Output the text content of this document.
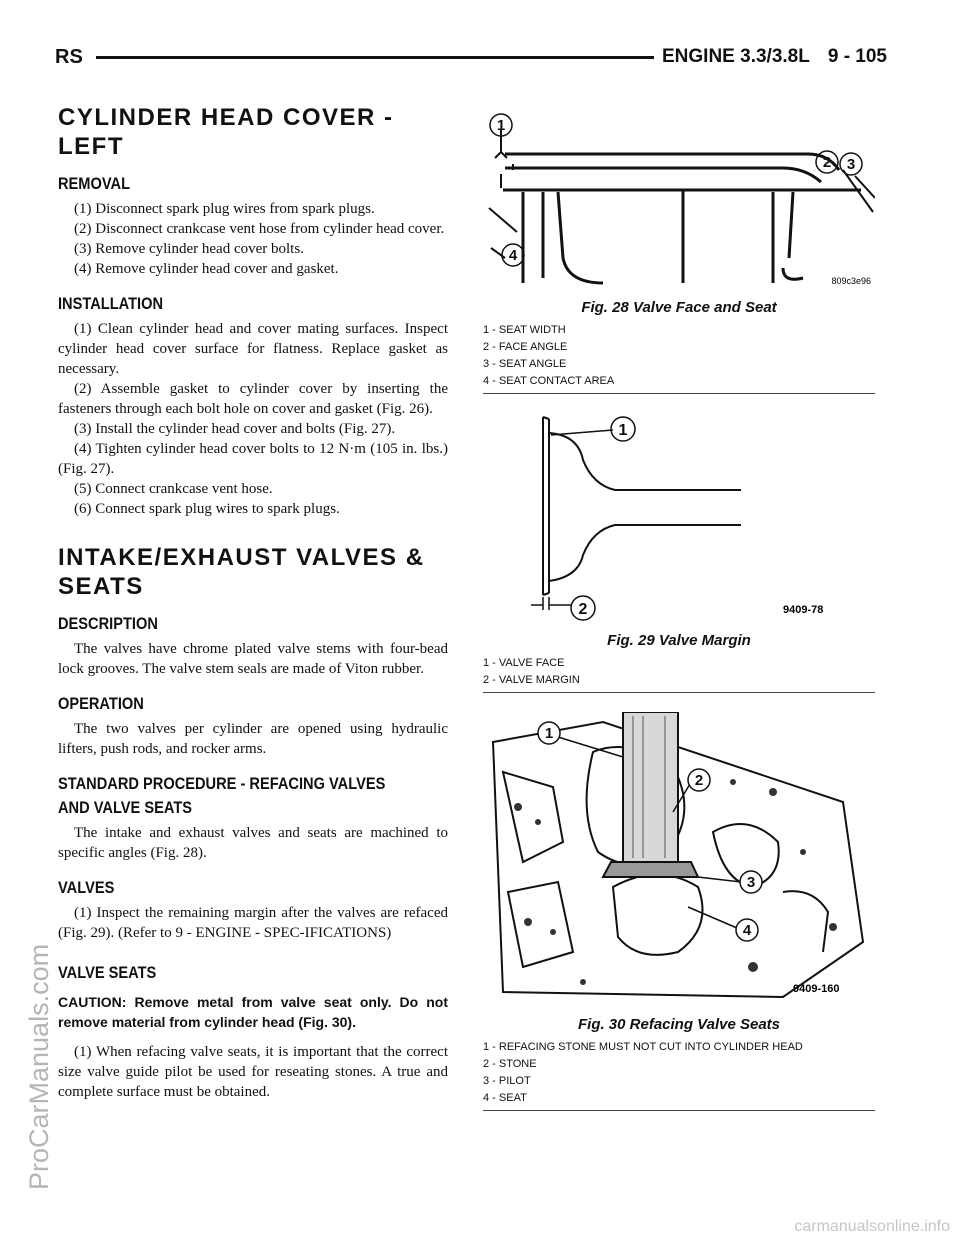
RS	ENGINE 3.3/3.8L 9 - 105
ProCarManuals.com
carmanualsonline.info
CYLINDER HEAD COVER -
LEFT
REMOVAL

(1) Disconnect spark plug wires from spark plugs.

(2) Disconnect crankcase vent hose from cylinder head cover.

(3) Remove cylinder head cover bolts.

(4) Remove cylinder head cover and gasket.

INSTALLATION

(1) Clean cylinder head and cover mating surfaces. Inspect cylinder head cover surface for flatness. Replace gasket as necessary.

(2) Assemble gasket to cylinder cover by inserting the fasteners through each bolt hole on cover and gasket (Fig. 26).

(3) Install the cylinder head cover and bolts (Fig. 27).

(4) Tighten cylinder head cover bolts to 12 N·m (105 in. lbs.) (Fig. 27).

(5) Connect crankcase vent hose.

(6) Connect spark plug wires to spark plugs.

INTAKE/EXHAUST VALVES &
SEATS
DESCRIPTION

The valves have chrome plated valve stems with four-bead lock grooves. The valve stem seals are made of Viton rubber.

OPERATION

The two valves per cylinder are opened using hydraulic lifters, push rods, and rocker arms.

STANDARD PROCEDURE - REFACING VALVES
AND VALVE SEATS

The intake and exhaust valves and seats are machined to specific angles (Fig. 28).

VALVES

(1) Inspect the remaining margin after the valves are refaced (Fig. 29). (Refer to 9 - ENGINE - SPEC-IFICATIONS)

VALVE SEATS

CAUTION: Remove metal from valve seat only. Do not remove material from cylinder head (Fig. 30).

(1) When refacing valve seats, it is important that the correct size valve guide pilot be used for reseating stones. A true and complete surface must be obtained.

1
2 3
4
809c3e96
Fig. 28 Valve Face and Seat
1 - SEAT WIDTH
2 - FACE ANGLE
3 - SEAT ANGLE
4 - SEAT CONTACT AREA
1
2	9409-78
Fig. 29 Valve Margin
1 - VALVE FACE
2 - VALVE MARGIN
1
2
3
4
9409-160
Fig. 30 Refacing Valve Seats
1 - REFACING STONE MUST NOT CUT INTO CYLINDER HEAD
2 - STONE
3 - PILOT
4 - SEAT
